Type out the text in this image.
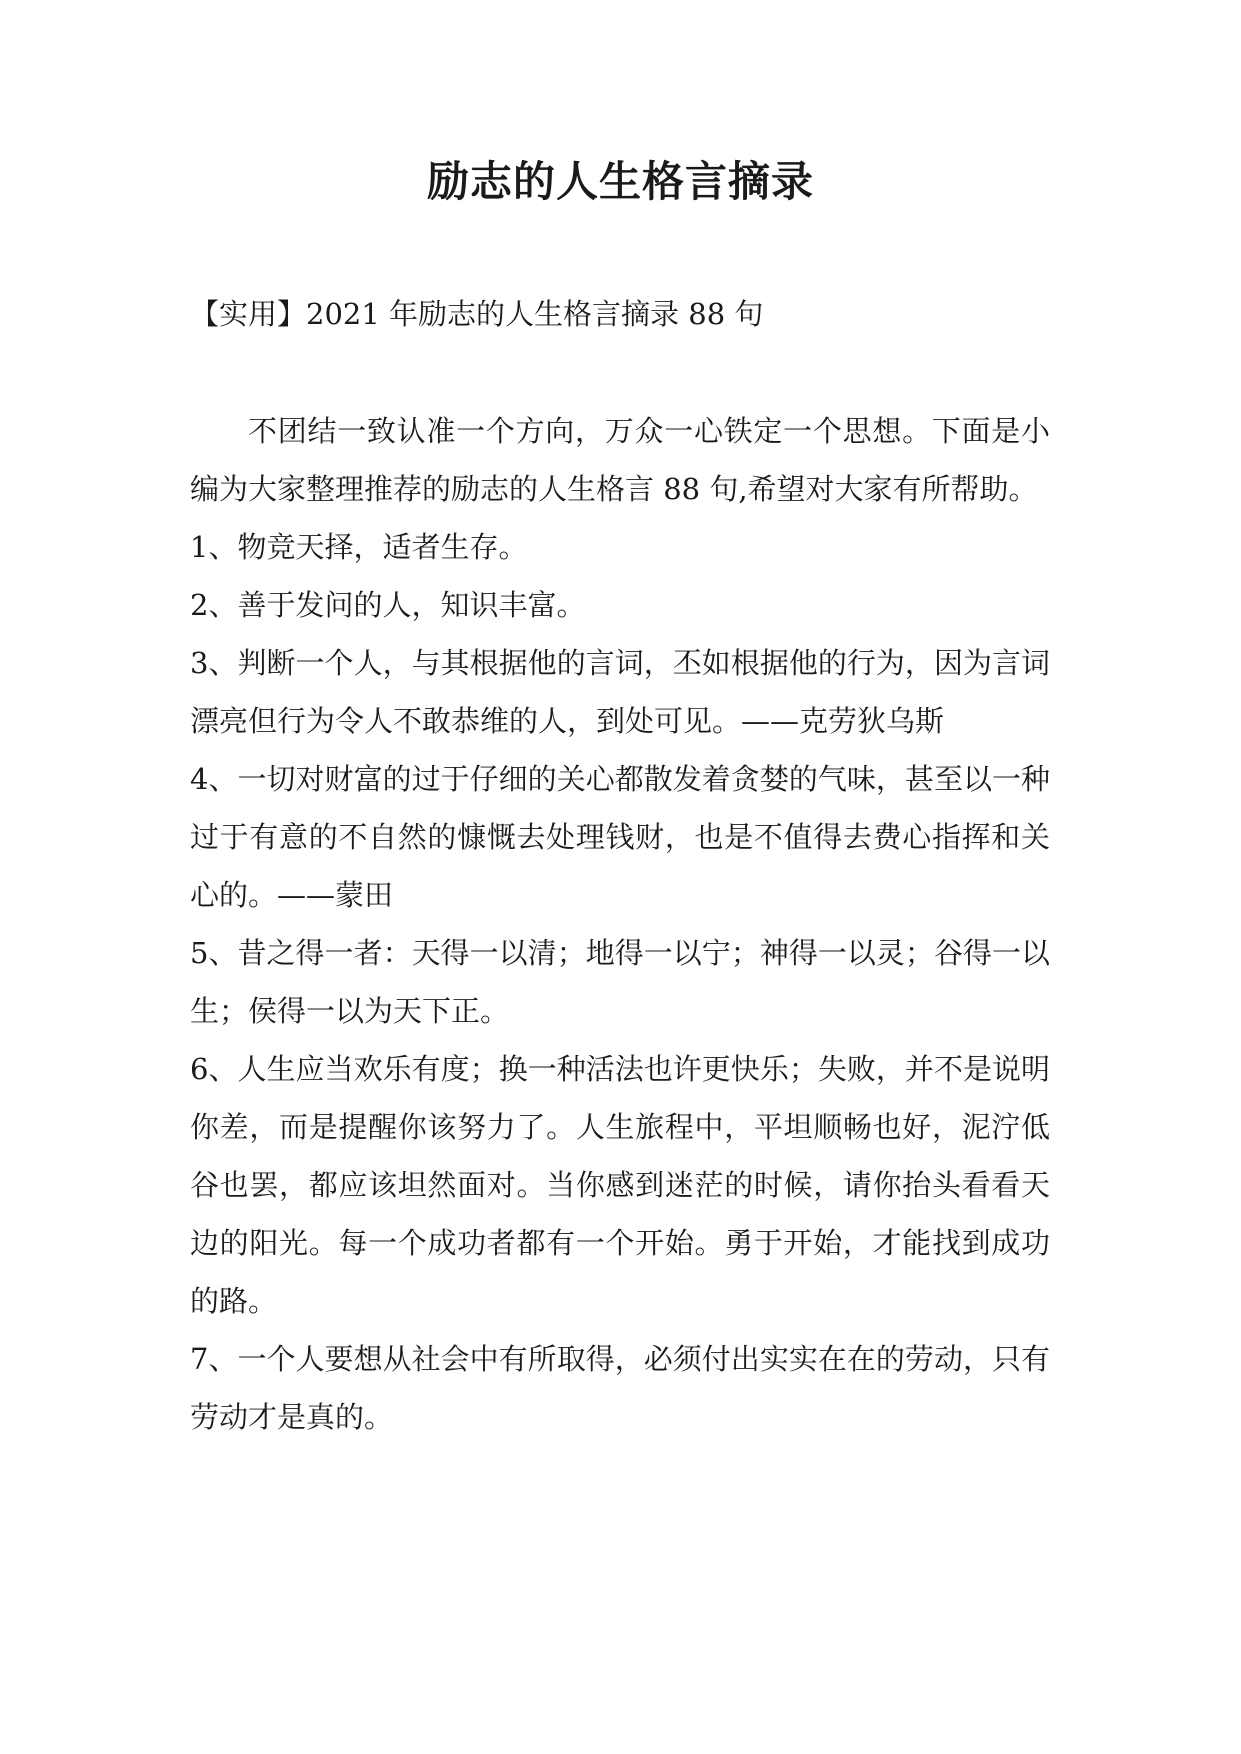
励志的人生格言摘录
【实用】2021 年励志的人生格言摘录 88 句

不团结一致认准一个方向，万众一心铁定一个思想。下面是小编为大家整理推荐的励志的人生格言 88 句,希望对大家有所帮助。

1、物竞天择，适者生存。

2、善于发问的人，知识丰富。

3、判断一个人，与其根据他的言词，丕如根据他的行为，因为言词漂亮但行为令人不敢恭维的人，到处可见。——克劳狄乌斯

4、一切对财富的过于仔细的关心都散发着贪婪的气味，甚至以一种过于有意的不自然的慷慨去处理钱财，也是不值得去费心指挥和关心的。——蒙田

5、昔之得一者：天得一以清；地得一以宁；神得一以灵；谷得一以生；侯得一以为天下正。

6、人生应当欢乐有度；换一种活法也许更快乐；失败，并不是说明你差，而是提醒你该努力了。人生旅程中，平坦顺畅也好，泥泞低谷也罢，都应该坦然面对。当你感到迷茫的时候，请你抬头看看天边的阳光。每一个成功者都有一个开始。勇于开始，才能找到成功的路。

7、一个人要想从社会中有所取得，必须付出实实在在的劳动，只有劳动才是真的。
